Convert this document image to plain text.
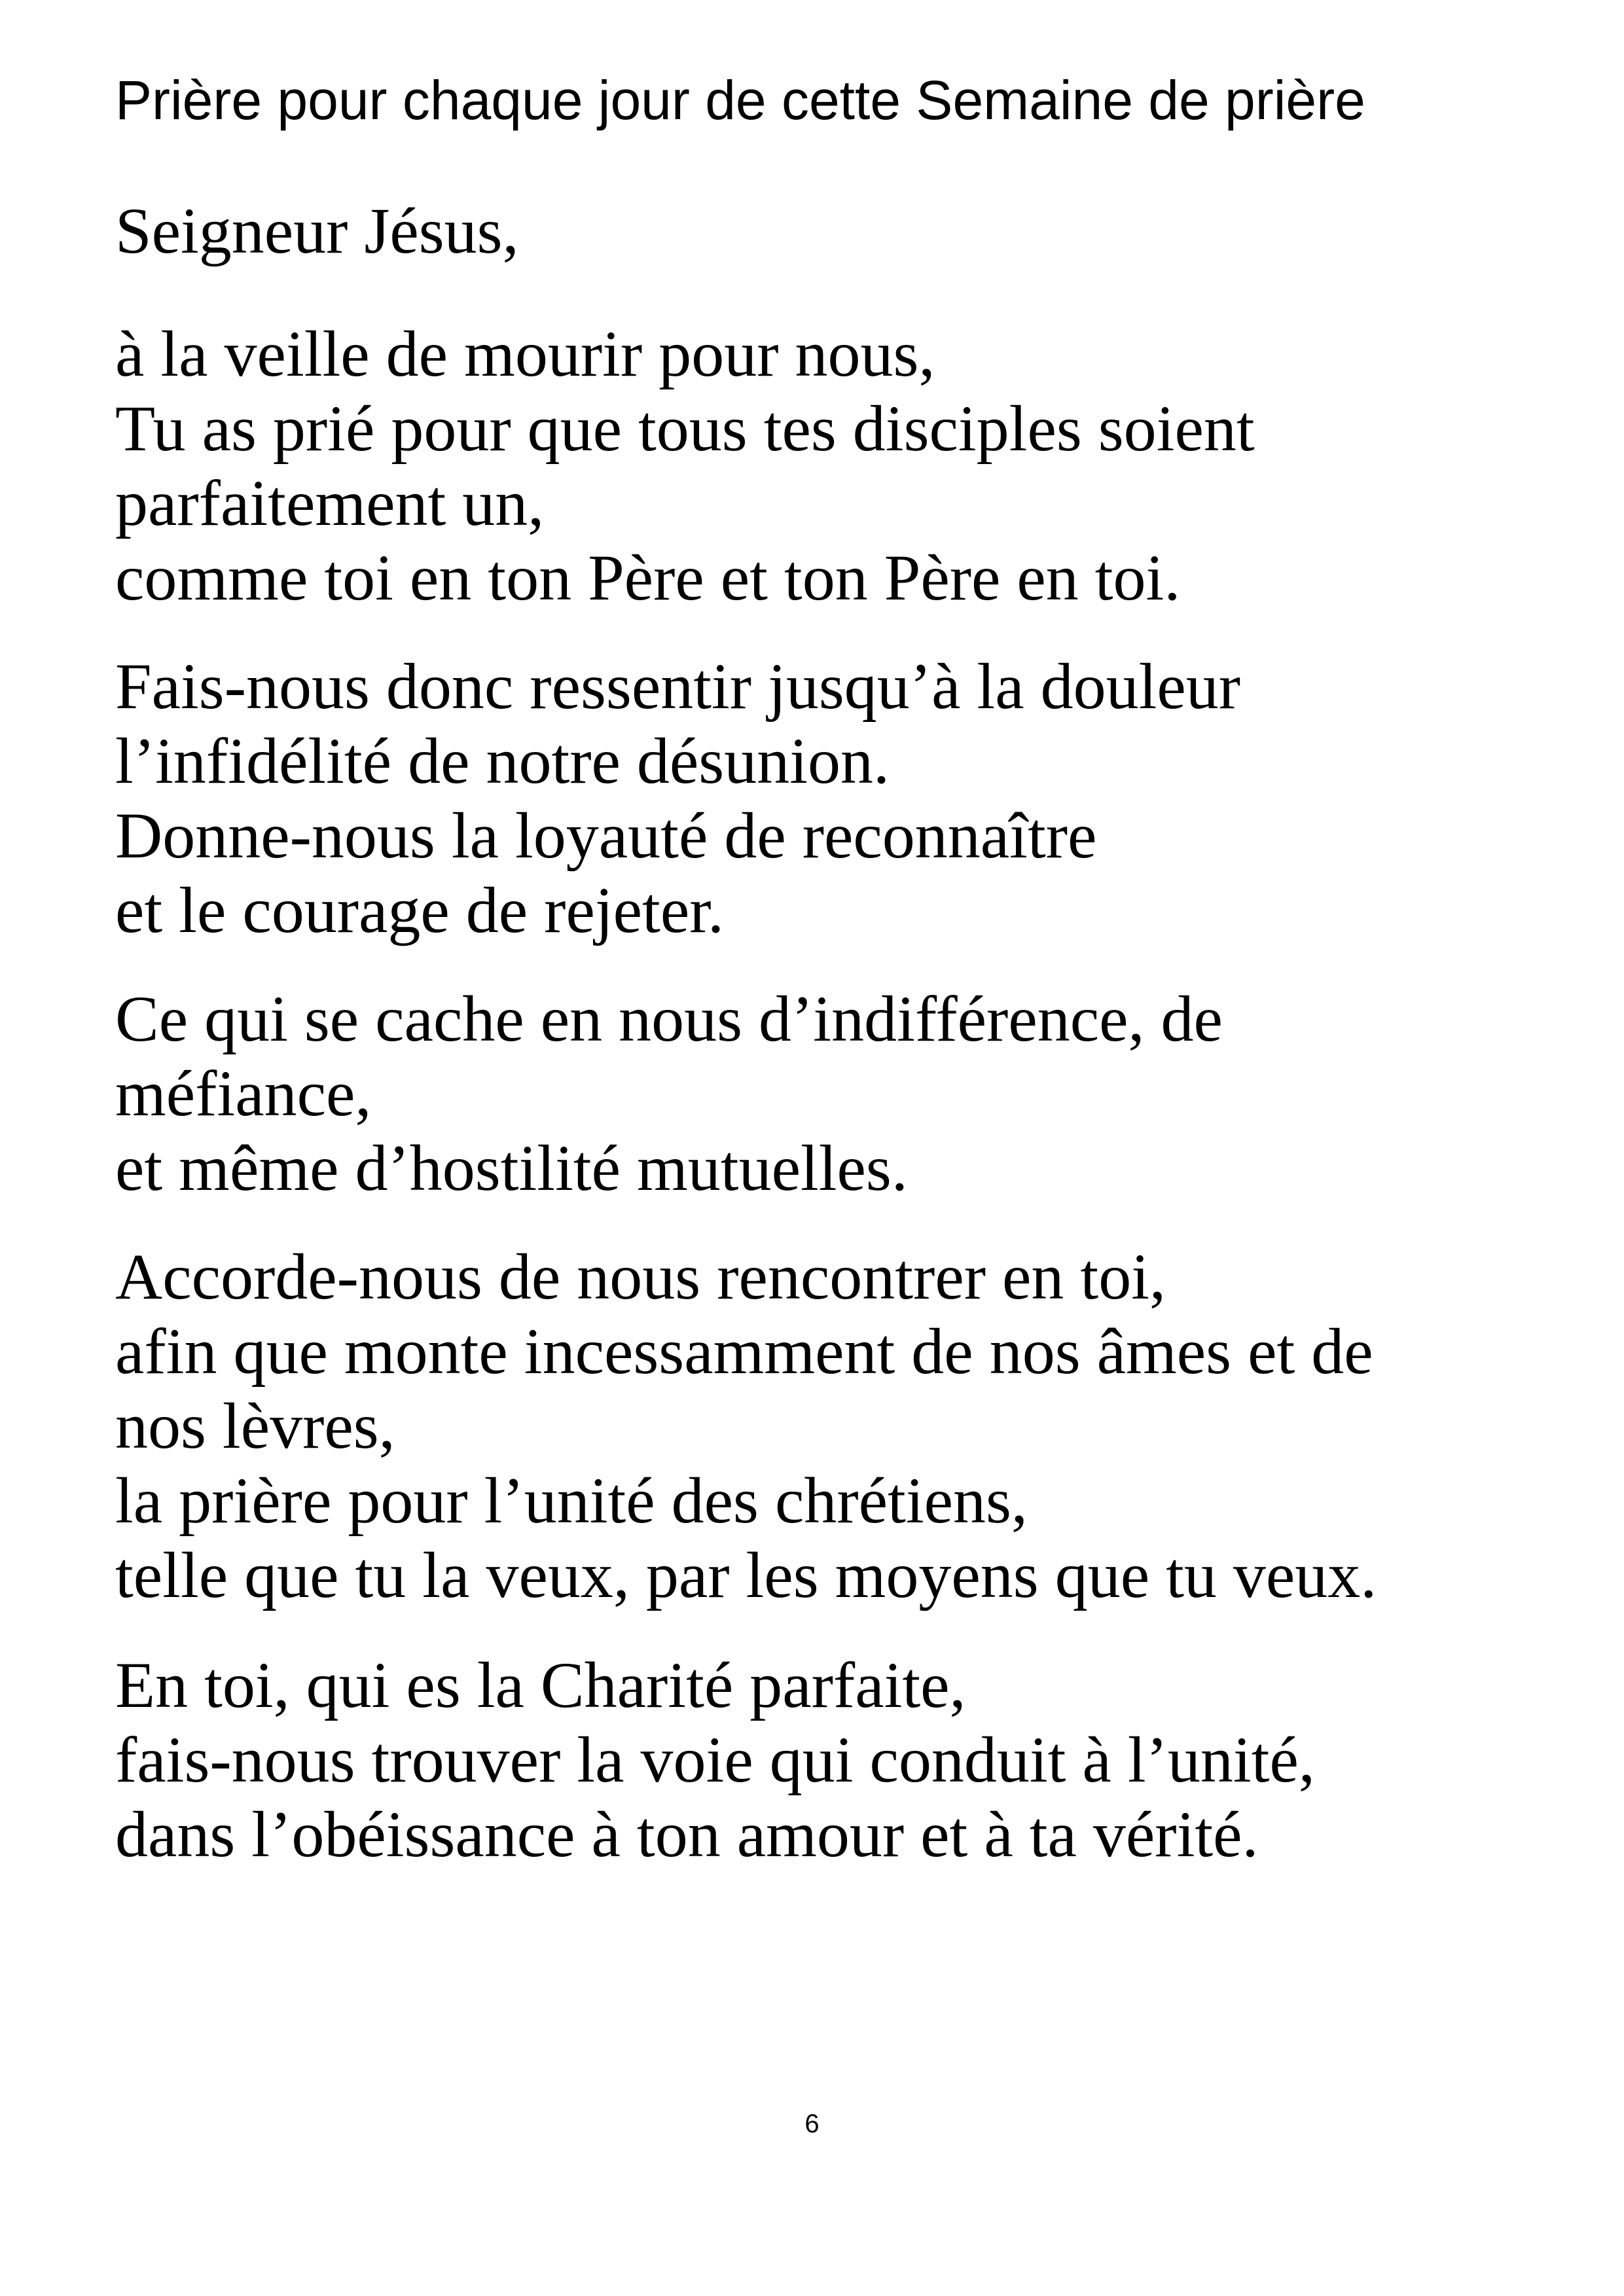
Prière pour chaque jour de cette Semaine de prière

Seigneur Jésus,

à la veille de mourir pour nous,
Tu as prié pour que tous tes disciples soient
parfaitement un,
comme toi en ton Père et ton Père en toi.

Fais-nous donc ressentir jusqu’à la douleur
l’infidélité de notre désunion.
Donne-nous la loyauté de reconnaître
et le courage de rejeter.

Ce qui se cache en nous d’indifférence, de
méfiance,
et même d’hostilité mutuelles.

Accorde-nous de nous rencontrer en toi,
afin que monte incessamment de nos âmes et de
nos lèvres,
la prière pour l’unité des chrétiens,
telle que tu la veux, par les moyens que tu veux.

En toi, qui es la Charité parfaite,
fais-nous trouver la voie qui conduit à l’unité,
dans l’obéissance à ton amour et à ta vérité.

6
